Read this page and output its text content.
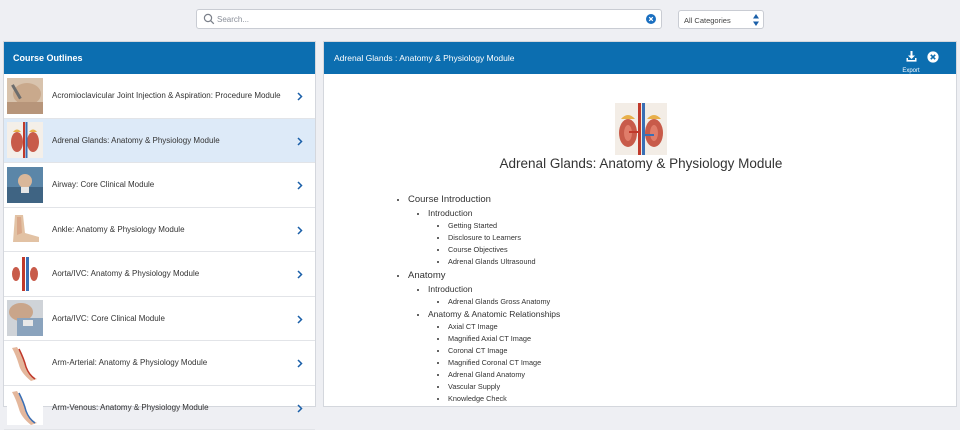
Search...
All Categories
Course Outlines
Acromioclavicular Joint Injection & Aspiration: Procedure Module
Adrenal Glands: Anatomy & Physiology Module
Airway: Core Clinical Module
Ankle: Anatomy & Physiology Module
Aorta/IVC: Anatomy & Physiology Module
Aorta/IVC: Core Clinical Module
Arm-Arterial: Anatomy & Physiology Module
Arm-Venous: Anatomy & Physiology Module
Adrenal Glands : Anatomy & Physiology Module
Export
Adrenal Glands: Anatomy & Physiology Module
• Course Introduction
• Introduction
• Getting Started
• Disclosure to Learners
• Course Objectives
• Adrenal Glands Ultrasound
• Anatomy
• Introduction
• Adrenal Glands Gross Anatomy
• Anatomy & Anatomic Relationships
• Axial CT Image
• Magnified Axial CT Image
• Coronal CT Image
• Magnified Coronal CT Image
• Adrenal Gland Anatomy
• Vascular Supply
• Knowledge Check
